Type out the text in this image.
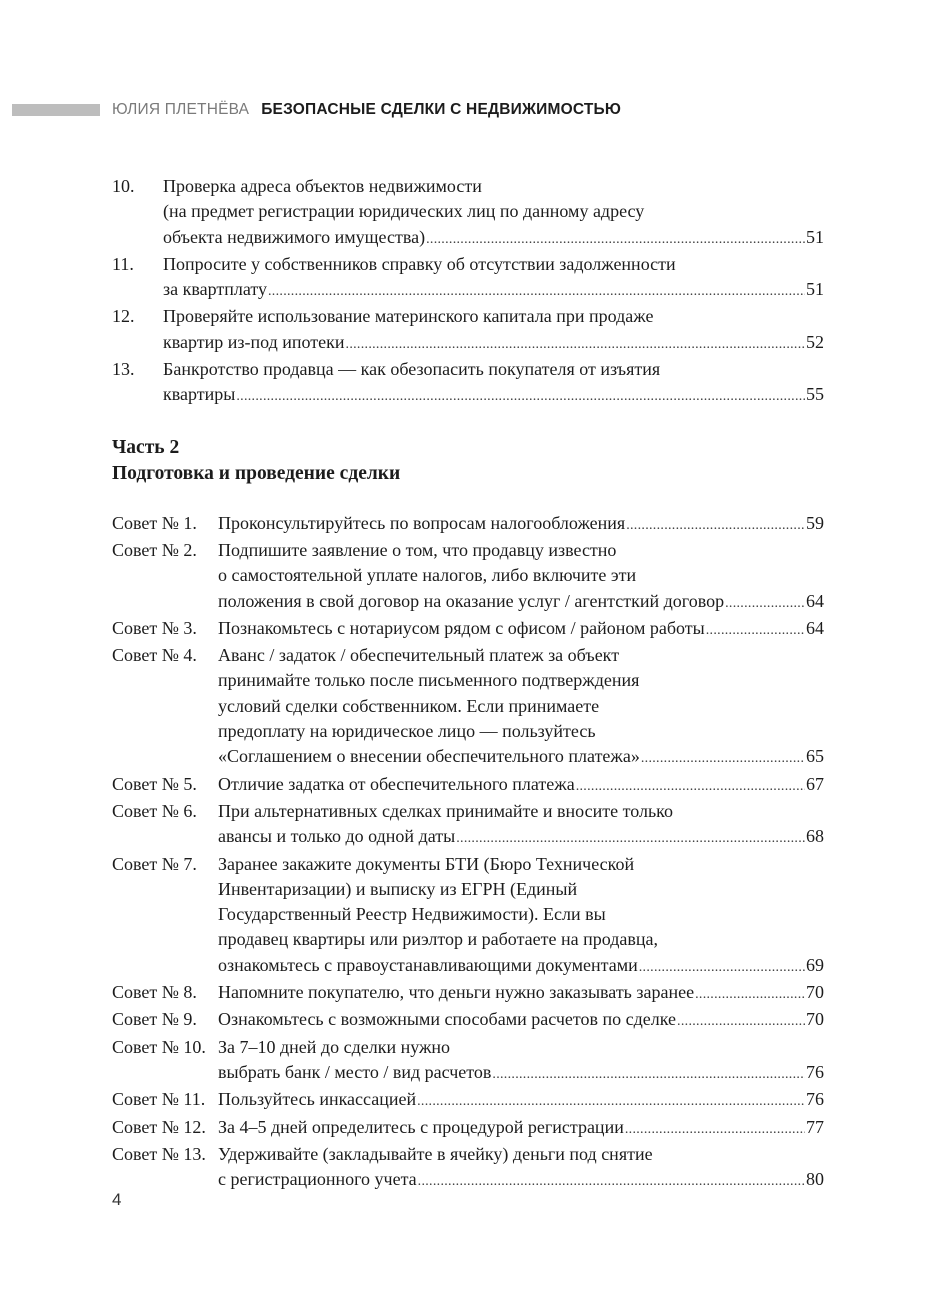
ЮЛИЯ ПЛЕТНЁВА БЕЗОПАСНЫЕ СДЕЛКИ С НЕДВИЖИМОСТЬЮ
10.	Проверка адреса объектов недвижимости
(на предмет регистрации юридических лиц по данному адресу
объекта недвижимого имущества) . . .	51
11.	Попросите у собственников справку об отсутствии задолженности
за квартплату . . .	51
12.	Проверяйте использование материнского капитала при продаже
квартир из-под ипотеки . . .	52
13.	Банкротство продавца — как обезопасить покупателя от изъятия
квартиры . . .	55
Часть 2
Подготовка и проведение сделки
Совет № 1.	Проконсультируйтесь по вопросам налогообложения . . .	59
Совет № 2.	Подпишите заявление о том, что продавцу известно
о самостоятельной уплате налогов, либо включите эти
положения в свой договор на оказание услуг / агентсткий договор . . .	64
Совет № 3.	Познакомьтесь с нотариусом рядом с офисом / районом работы . . .	64
Совет № 4.	Аванс / задаток / обеспечительный платеж за объект
принимайте только после письменного подтверждения
условий сделки собственником. Если принимаете
предоплату на юридическое лицо — пользуйтесь
«Соглашением о внесении обеспечительного платежа» . . .	65
Совет № 5.	Отличие задатка от обеспечительного платежа . . .	67
Совет № 6.	При альтернативных сделках принимайте и вносите только
авансы и только до одной даты . . .	68
Совет № 7.	Заранее закажите документы БТИ (Бюро Технической
Инвентаризации) и выписку из ЕГРН (Единый
Государственный Реестр Недвижимости). Если вы
продавец квартиры или риэлтор и работаете на продавца,
ознакомьтесь с правоустанавливающими документами . . .	69
Совет № 8.	Напомните покупателю, что деньги нужно заказывать заранее . . .	70
Совет № 9.	Ознакомьтесь с возможными способами расчетов по сделке . . .	70
Совет № 10. За 7–10 дней до сделки нужно
выбрать банк / место / вид расчетов . . .	76
Совет № 11. Пользуйтесь инкассацией . . .	76
Совет № 12. За 4–5 дней определитесь с процедурой регистрации . . .	77
Совет № 13. Удерживайте (закладывайте в ячейку) деньги под снятие
с регистрационного учета . . .	80
4
